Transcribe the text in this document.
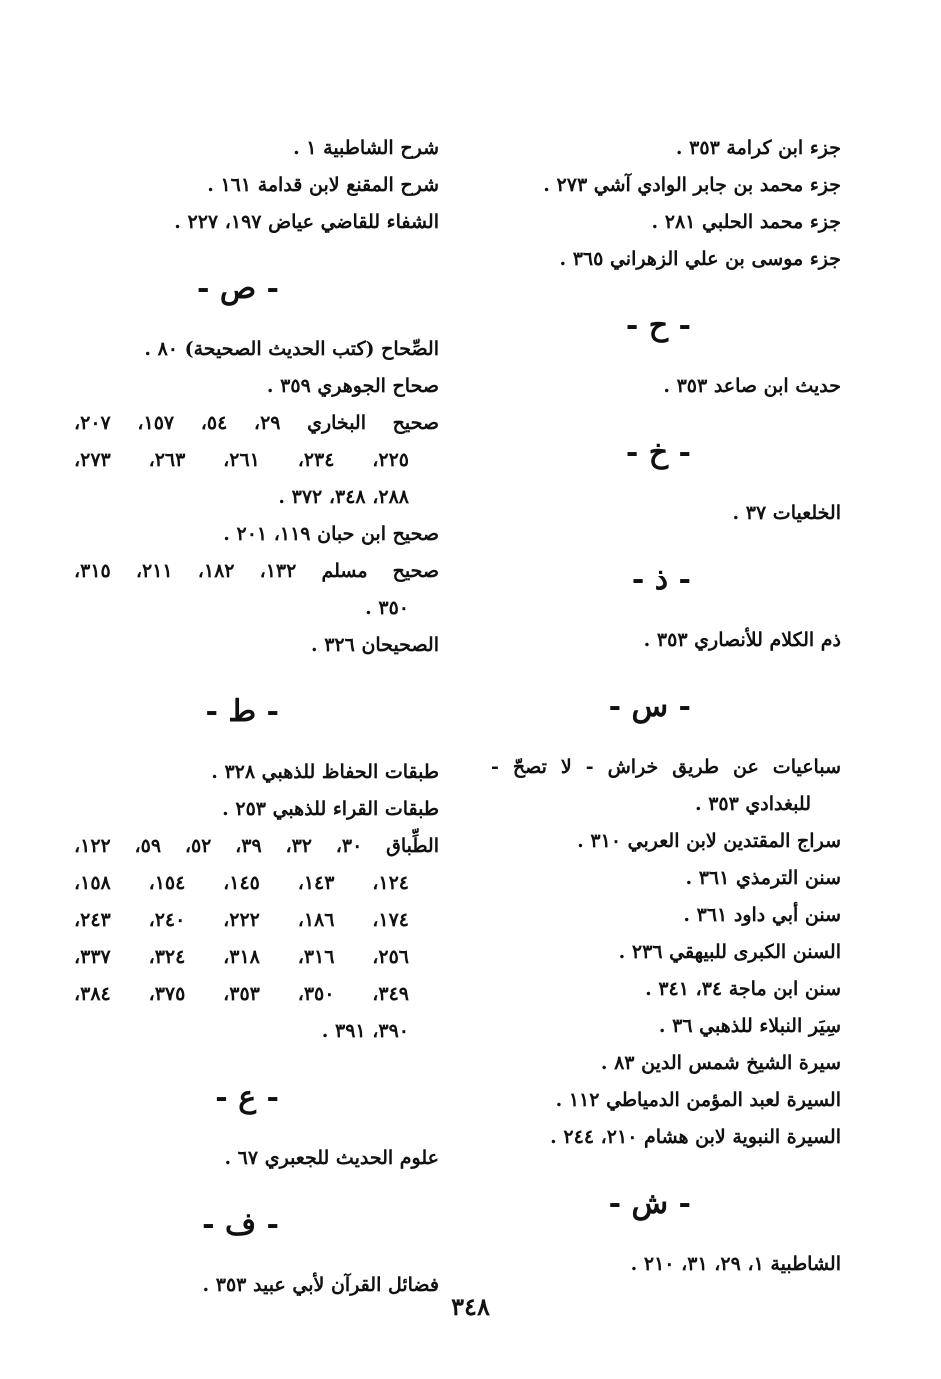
جزء ابن كرامة ٣٥٣ .
جزء محمد بن جابر الوادي آشي ٢٧٣ .
جزء محمد الحلبي ٢٨١ .
جزء موسى بن علي الزهراني ٣٦٥ .
- ح -
حديث ابن صاعد ٣٥٣ .
- خ -
الخلعيات ٣٧ .
- ذ -
ذم الكلام للأنصاري ٣٥٣ .
- س -
سباعيات عن طريق خراش - لا تصحّ -
للبغدادي ٣٥٣ .
سراج المقتدين لابن العربي ٣١٠ .
سنن الترمذي ٣٦١ .
سنن أبي داود ٣٦١ .
السنن الكبرى للبيهقي ٢٣٦ .
سنن ابن ماجة ٣٤، ٣٤١ .
سِيَر النبلاء للذهبي ٣٦ .
سيرة الشيخ شمس الدين ٨٣ .
السيرة لعبد المؤمن الدمياطي ١١٢ .
السيرة النبوية لابن هشام ٢١٠، ٢٤٤ .
- ش -
الشاطبية ١، ٢٩، ٣١، ٢١٠ .
شرح الشاطبية ١ .
شرح المقنع لابن قدامة ١٦١ .
الشفاء للقاضي عياض ١٩٧، ٢٢٧ .
- ص -
الصِّحاح (كتب الحديث الصحيحة) ٨٠ .
صحاح الجوهري ٣٥٩ .
صحيح البخاري ٢٩، ٥٤، ١٥٧، ٢٠٧،
٢٢٥، ٢٣٤، ٢٦١، ٢٦٣، ٢٧٣،
٢٨٨، ٣٤٨، ٣٧٢ .
صحيح ابن حبان ١١٩، ٢٠١ .
صحيح مسلم ١٣٢، ١٨٢، ٢١١، ٣١٥،
٣٥٠ .
الصحيحان ٣٢٦ .
- ط -
طبقات الحفاظ للذهبي ٣٢٨ .
طبقات القراء للذهبي ٢٥٣ .
الطِّباق ٣٠، ٣٢، ٣٩، ٥٢، ٥٩، ١٢٢،
١٢٤، ١٤٣، ١٤٥، ١٥٤، ١٥٨،
١٧٤، ١٨٦، ٢٢٢، ٢٤٠، ٢٤٣،
٢٥٦، ٣١٦، ٣١٨، ٣٢٤، ٣٣٧،
٣٤٩، ٣٥٠، ٣٥٣، ٣٧٥، ٣٨٤،
٣٩٠، ٣٩١ .
- ع -
علوم الحديث للجعبري ٦٧ .
- ف -
فضائل القرآن لأبي عبيد ٣٥٣ .
٣٤٨
